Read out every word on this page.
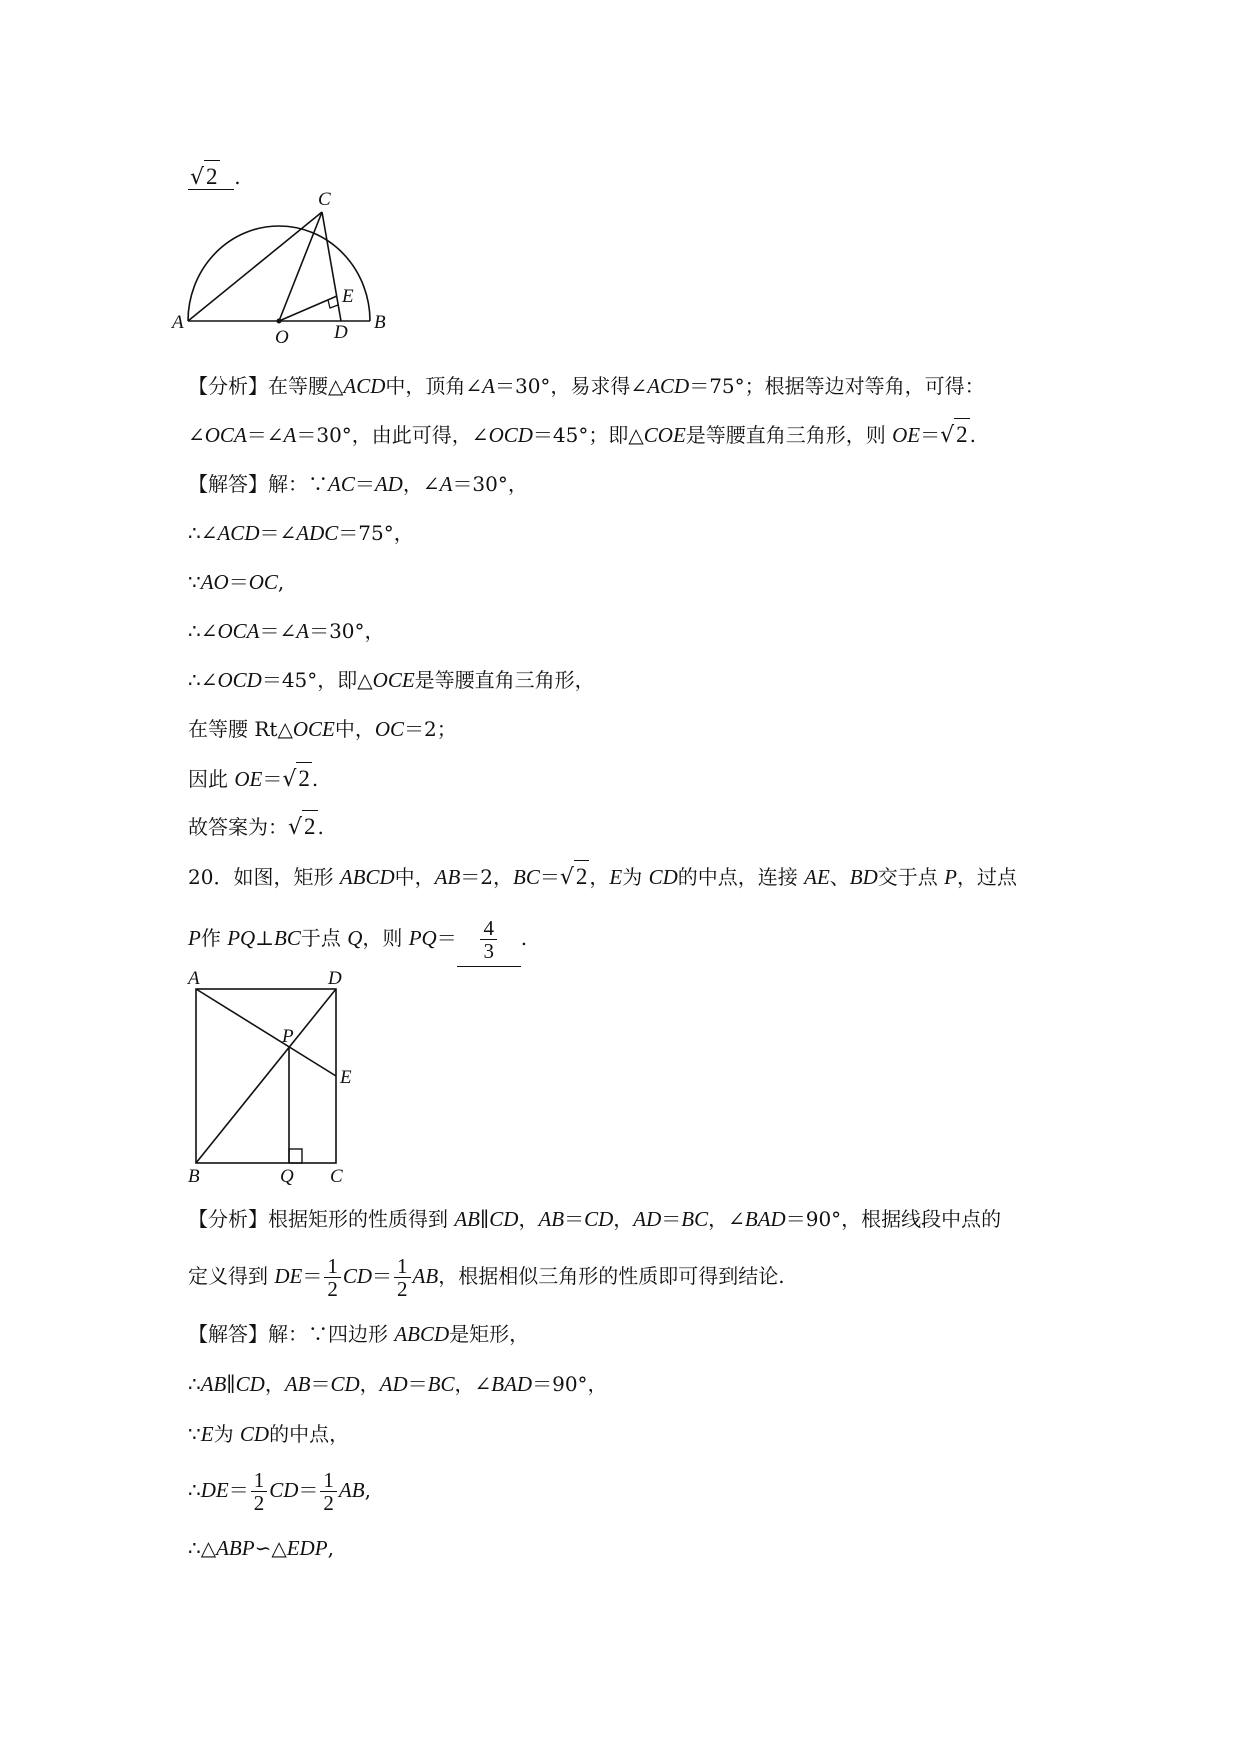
√2 .
A	B
C
O D
E
【分析】在等腰△ACD中，顶角∠A＝30°，易求得∠ACD＝75°；根据等边对等角，可得：
∠OCA＝∠A＝30°，由此可得，∠OCD＝45°；即△COE是等腰直角三角形，则 OE＝√2 .
【解答】解：∵AC＝AD，∠A＝30°，
∴∠ACD＝∠ADC＝75°，
∵AO＝OC,
∴∠OCA＝∠A＝30°，
∴∠OCD＝45°，即△OCE是等腰直角三角形，
在等腰 Rt△OCE中，OC＝2；
因此 OE＝√2 .
故答案为：√2 .
20．如图，矩形 ABCD中，AB＝2，BC＝√2 ，E为 CD的中点，连接 AE、BD交于点 P，过点
P作 PQ⊥BC于点 Q，则 $PQ= \frac{4}{3}$ .
A	D
P
E
B	Q C
【分析】根据矩形的性质得到 AB∥CD，AB＝CD，AD＝BC，∠BAD＝90°，根据线段中点的
定义得到 $DE= \frac{1}{2} CD= \frac{1}{2}$ AB，根据相似三角形的性质即可得到结论.
【解答】解：∵四边形 ABCD是矩形，
∴AB∥CD，AB＝CD，AD＝BC，∠BAD＝90°，
∵E为 CD的中点，
∴DE＝ $\frac{1}{2} CD= \frac{1}{2}$ AB,
∴△ABP∽△EDP,
